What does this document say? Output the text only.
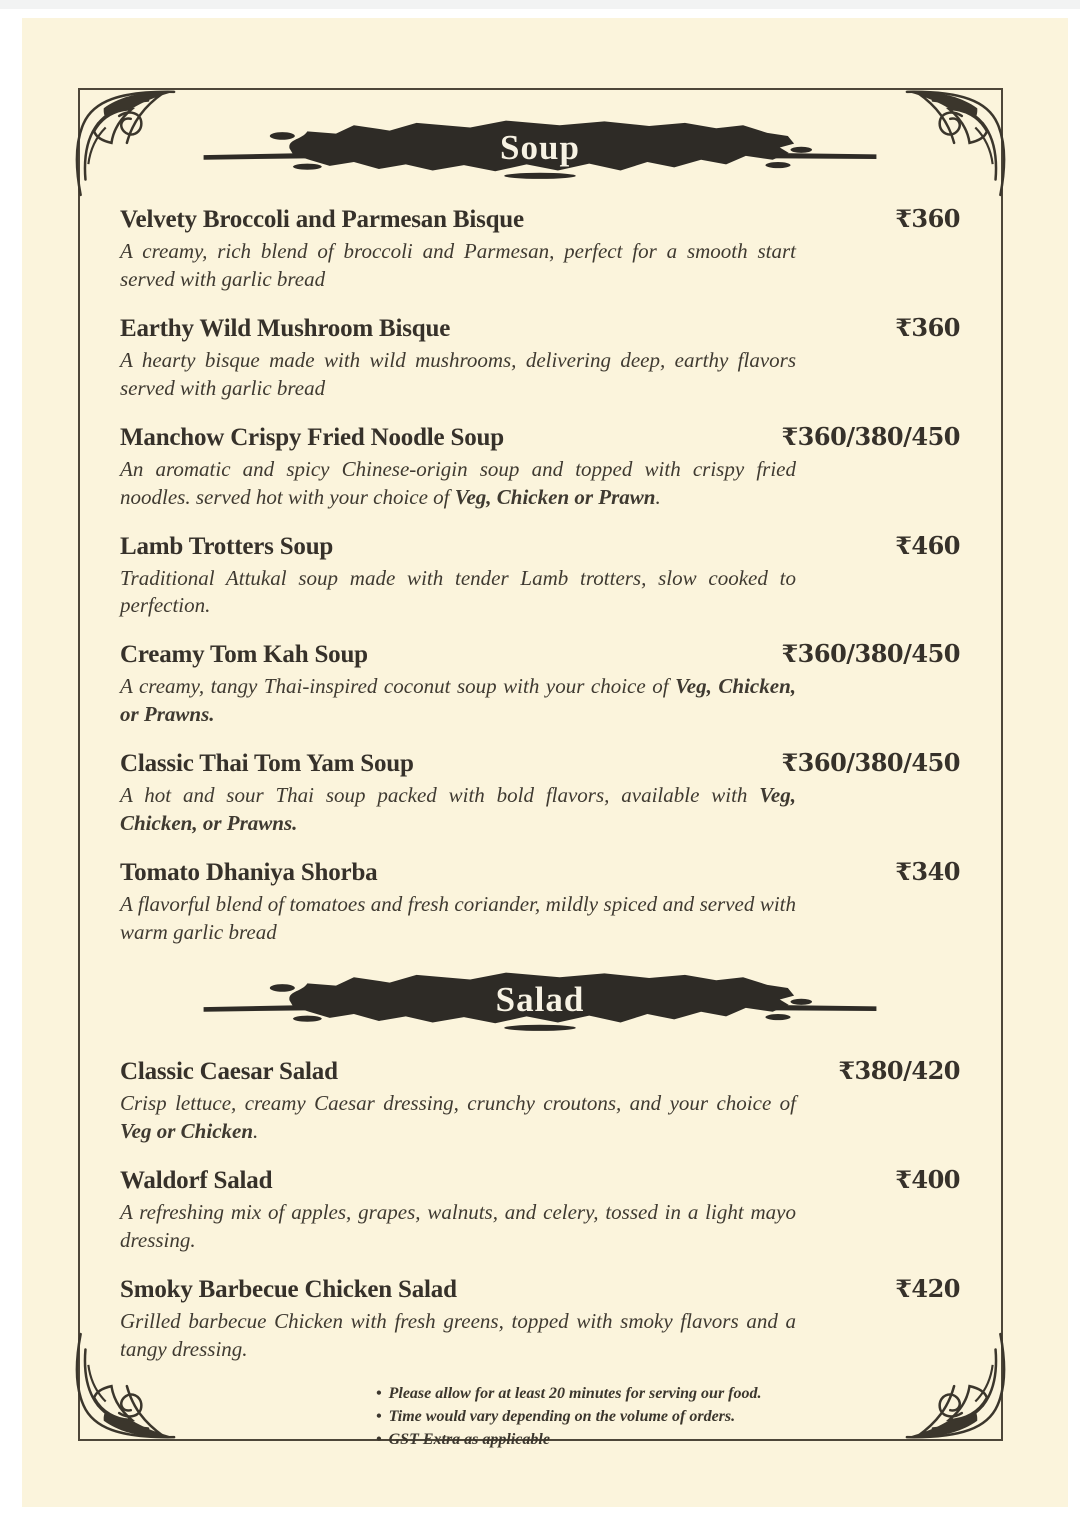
Soup
Velvety Broccoli and Parmesan Bisque	₹360
A creamy, rich blend of broccoli and Parmesan, perfect for a smooth start served with garlic bread
Earthy Wild Mushroom Bisque	₹360
A hearty bisque made with wild mushrooms, delivering deep, earthy flavors served with garlic bread
Manchow Crispy Fried Noodle Soup	₹360/380/450
An aromatic and spicy Chinese-origin soup and topped with crispy fried noodles. served hot with your choice of Veg, Chicken or Prawn.
Lamb Trotters Soup	₹460
Traditional Attukal soup made with tender Lamb trotters, slow cooked to perfection.
Creamy Tom Kah Soup	₹360/380/450
A creamy, tangy Thai-inspired coconut soup with your choice of Veg, Chicken, or Prawns.
Classic Thai Tom Yam Soup	₹360/380/450
A hot and sour Thai soup packed with bold flavors, available with Veg, Chicken, or Prawns.
Tomato Dhaniya Shorba	₹340
A flavorful blend of tomatoes and fresh coriander, mildly spiced and served with warm garlic bread
Salad
Classic Caesar Salad	₹380/420
Crisp lettuce, creamy Caesar dressing, crunchy croutons, and your choice of Veg or Chicken.
Waldorf Salad	₹400
A refreshing mix of apples, grapes, walnuts, and celery, tossed in a light mayo dressing.
Smoky Barbecue Chicken Salad	₹420
Grilled barbecue Chicken with fresh greens, topped with smoky flavors and a tangy dressing.
• Please allow for at least 20 minutes for serving our food.
• Time would vary depending on the volume of orders.
• GST Extra as applicable
